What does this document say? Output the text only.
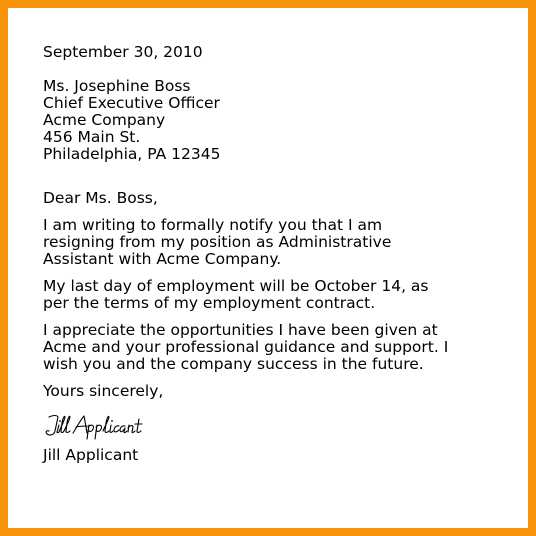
September 30, 2010
Ms. Josephine Boss
Chief Executive Officer
Acme Company
456 Main St.
Philadelphia, PA 12345
Dear Ms. Boss,
I am writing to formally notify you that I am
resigning from my position as Administrative
Assistant with Acme Company.
My last day of employment will be October 14, as
per the terms of my employment contract.
I appreciate the opportunities I have been given at
Acme and your professional guidance and support. I
wish you and the company success in the future.
Yours sincerely,
Jill Applicant
